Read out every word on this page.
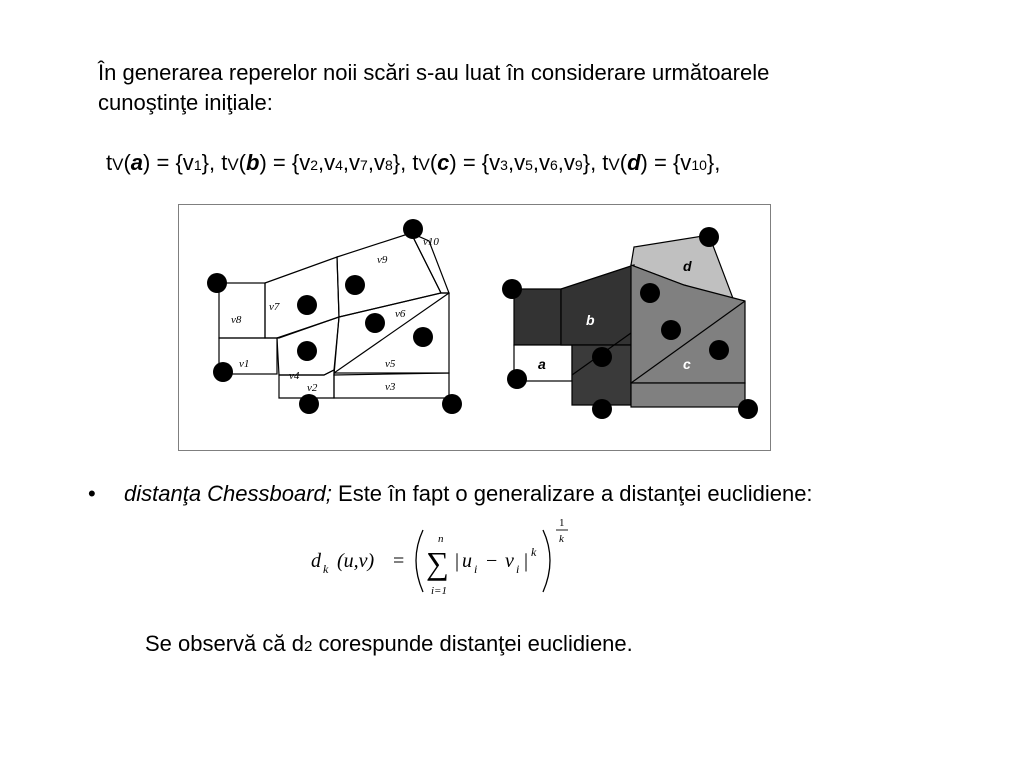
În generarea reperelor noii scări s-au luat în considerare următoarele
cunoştinţe iniţiale:
tV(a) = {v1}, tV(b) = {v2,v4,v7,v8}, tV(c) = {v3,v5,v6,v9}, tV(d) = {v10},
v10
v9
v7
v8	v6
v1
v4
v5
v2	v3
d
b
a	c
• distanţa Chessboard; Este în fapt o generalizare a distanţei euclidiene:
d k (u,v) =
n
∑
i=1
| u i − v i | k
1
k
Se observă că d2 corespunde distanţei euclidiene.
